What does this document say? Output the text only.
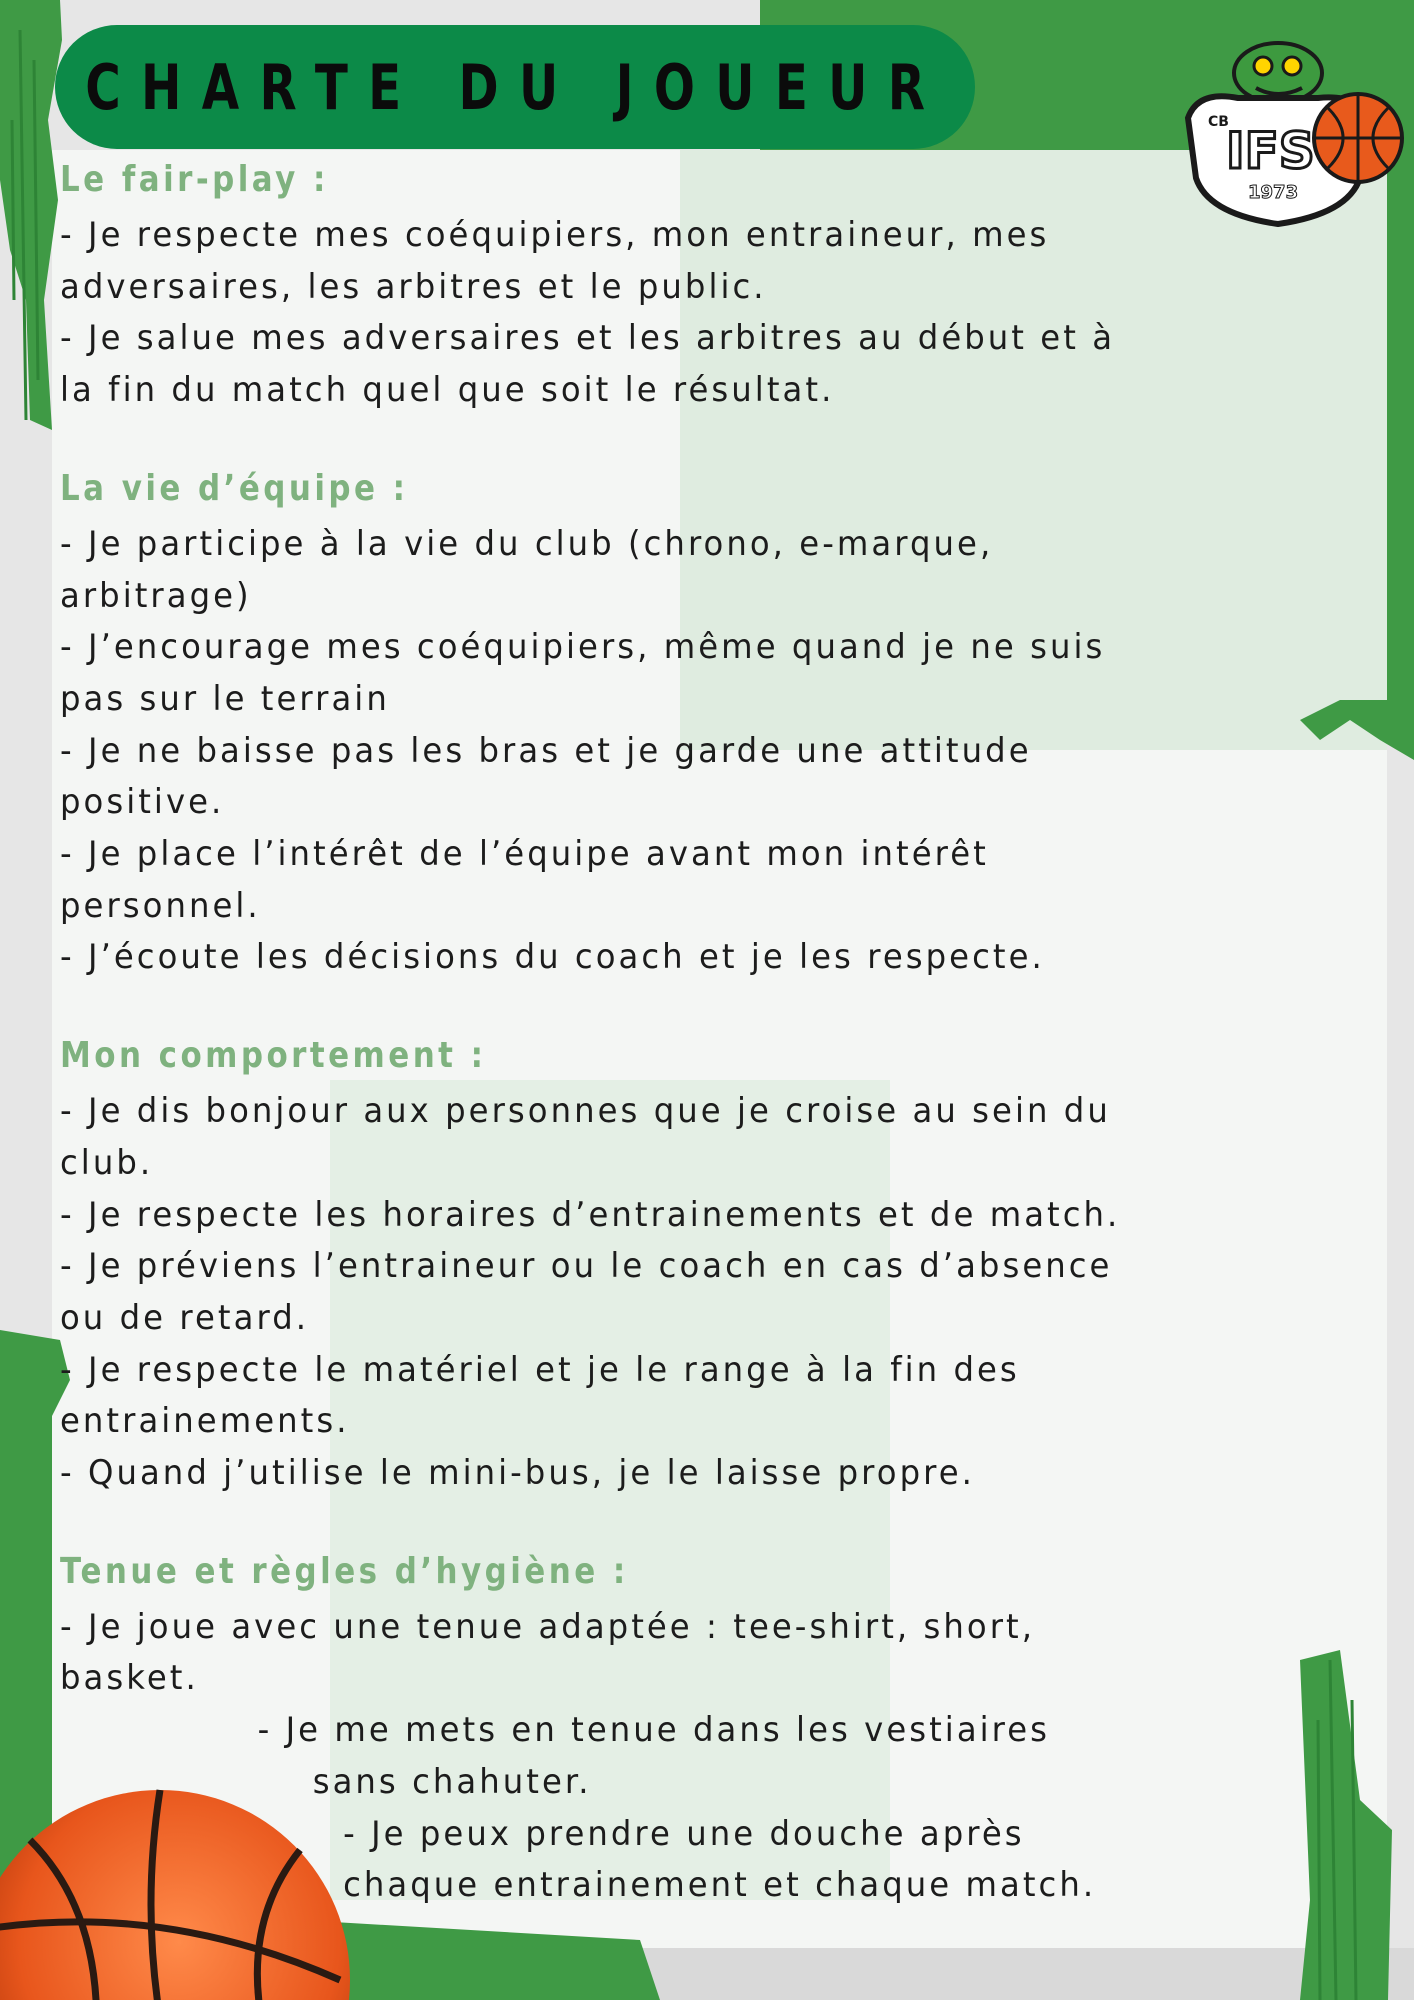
CHARTE DU JOUEUR	CB
IFS
1973
Le fair-play :
- Je respecte mes coéquipiers, mon entraineur, mes
adversaires, les arbitres et le public.
- Je salue mes adversaires et les arbitres au début et à
la fin du match quel que soit le résultat.
La vie d’équipe :
- Je participe à la vie du club (chrono, e-marque,
arbitrage)
- J’encourage mes coéquipiers, même quand je ne suis
pas sur le terrain
- Je ne baisse pas les bras et je garde une attitude
positive.
- Je place l’intérêt de l’équipe avant mon intérêt
personnel.
- J’écoute les décisions du coach et je les respecte.
Mon comportement :
- Je dis bonjour aux personnes que je croise au sein du
club.
- Je respecte les horaires d’entrainements et de match.
- Je préviens l’entraineur ou le coach en cas d’absence
ou de retard.
- Je respecte le matériel et je le range à la fin des
entrainements.
- Quand j’utilise le mini-bus, je le laisse propre.
Tenue et règles d’hygiène :
- Je joue avec une tenue adaptée : tee-shirt, short,
basket.
- Je me mets en tenue dans les vestiaires
sans chahuter.
- Je peux prendre une douche après
chaque entrainement et chaque match.
